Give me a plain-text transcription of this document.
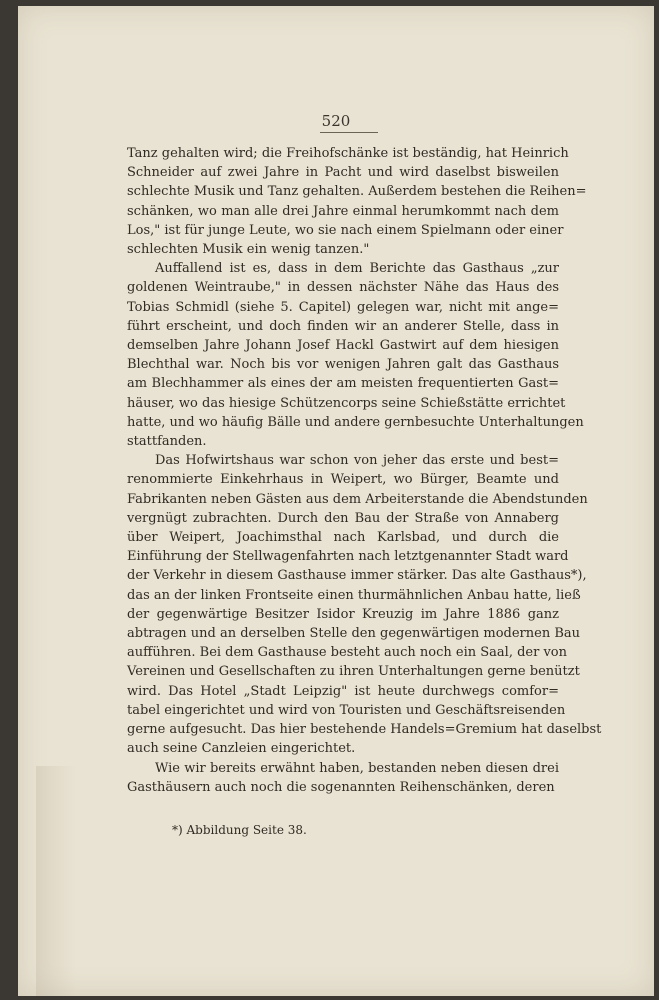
520
Tanz gehalten wird; die Freihofschänke ist beständig, hat Heinrich
Schneider auf zwei Jahre in Pacht und wird daselbst bisweilen
schlechte Musik und Tanz gehalten. Außerdem bestehen die Reihen=
schänken, wo man alle drei Jahre einmal herumkommt nach dem
Los," ist für junge Leute, wo sie nach einem Spielmann oder einer
schlechten Musik ein wenig tanzen."
Auffallend ist es, dass in dem Berichte das Gasthaus „zur
goldenen Weintraube," in dessen nächster Nähe das Haus des
Tobias Schmidl (siehe 5. Capitel) gelegen war, nicht mit ange=
führt erscheint, und doch finden wir an anderer Stelle, dass in
demselben Jahre Johann Josef Hackl Gastwirt auf dem hiesigen
Blechthal war. Noch bis vor wenigen Jahren galt das Gasthaus
am Blechhammer als eines der am meisten frequentierten Gast=
häuser, wo das hiesige Schützencorps seine Schießstätte errichtet
hatte, und wo häufig Bälle und andere gernbesuchte Unterhaltungen
stattfanden.
Das Hofwirtshaus war schon von jeher das erste und best=
renommierte Einkehrhaus in Weipert, wo Bürger, Beamte und
Fabrikanten neben Gästen aus dem Arbeiterstande die Abendstunden
vergnügt zubrachten. Durch den Bau der Straße von Annaberg
über Weipert, Joachimsthal nach Karlsbad, und durch die
Einführung der Stellwagenfahrten nach letztgenannter Stadt ward
der Verkehr in diesem Gasthause immer stärker. Das alte Gasthaus*),
das an der linken Frontseite einen thurmähnlichen Anbau hatte, ließ
der gegenwärtige Besitzer Isidor Kreuzig im Jahre 1886 ganz
abtragen und an derselben Stelle den gegenwärtigen modernen Bau
aufführen. Bei dem Gasthause besteht auch noch ein Saal, der von
Vereinen und Gesellschaften zu ihren Unterhaltungen gerne benützt
wird. Das Hotel „Stadt Leipzig" ist heute durchwegs comfor=
tabel eingerichtet und wird von Touristen und Geschäftsreisenden
gerne aufgesucht. Das hier bestehende Handels=Gremium hat daselbst
auch seine Canzleien eingerichtet.
Wie wir bereits erwähnt haben, bestanden neben diesen drei
Gasthäusern auch noch die sogenannten Reihenschänken, deren
*) Abbildung Seite 38.
